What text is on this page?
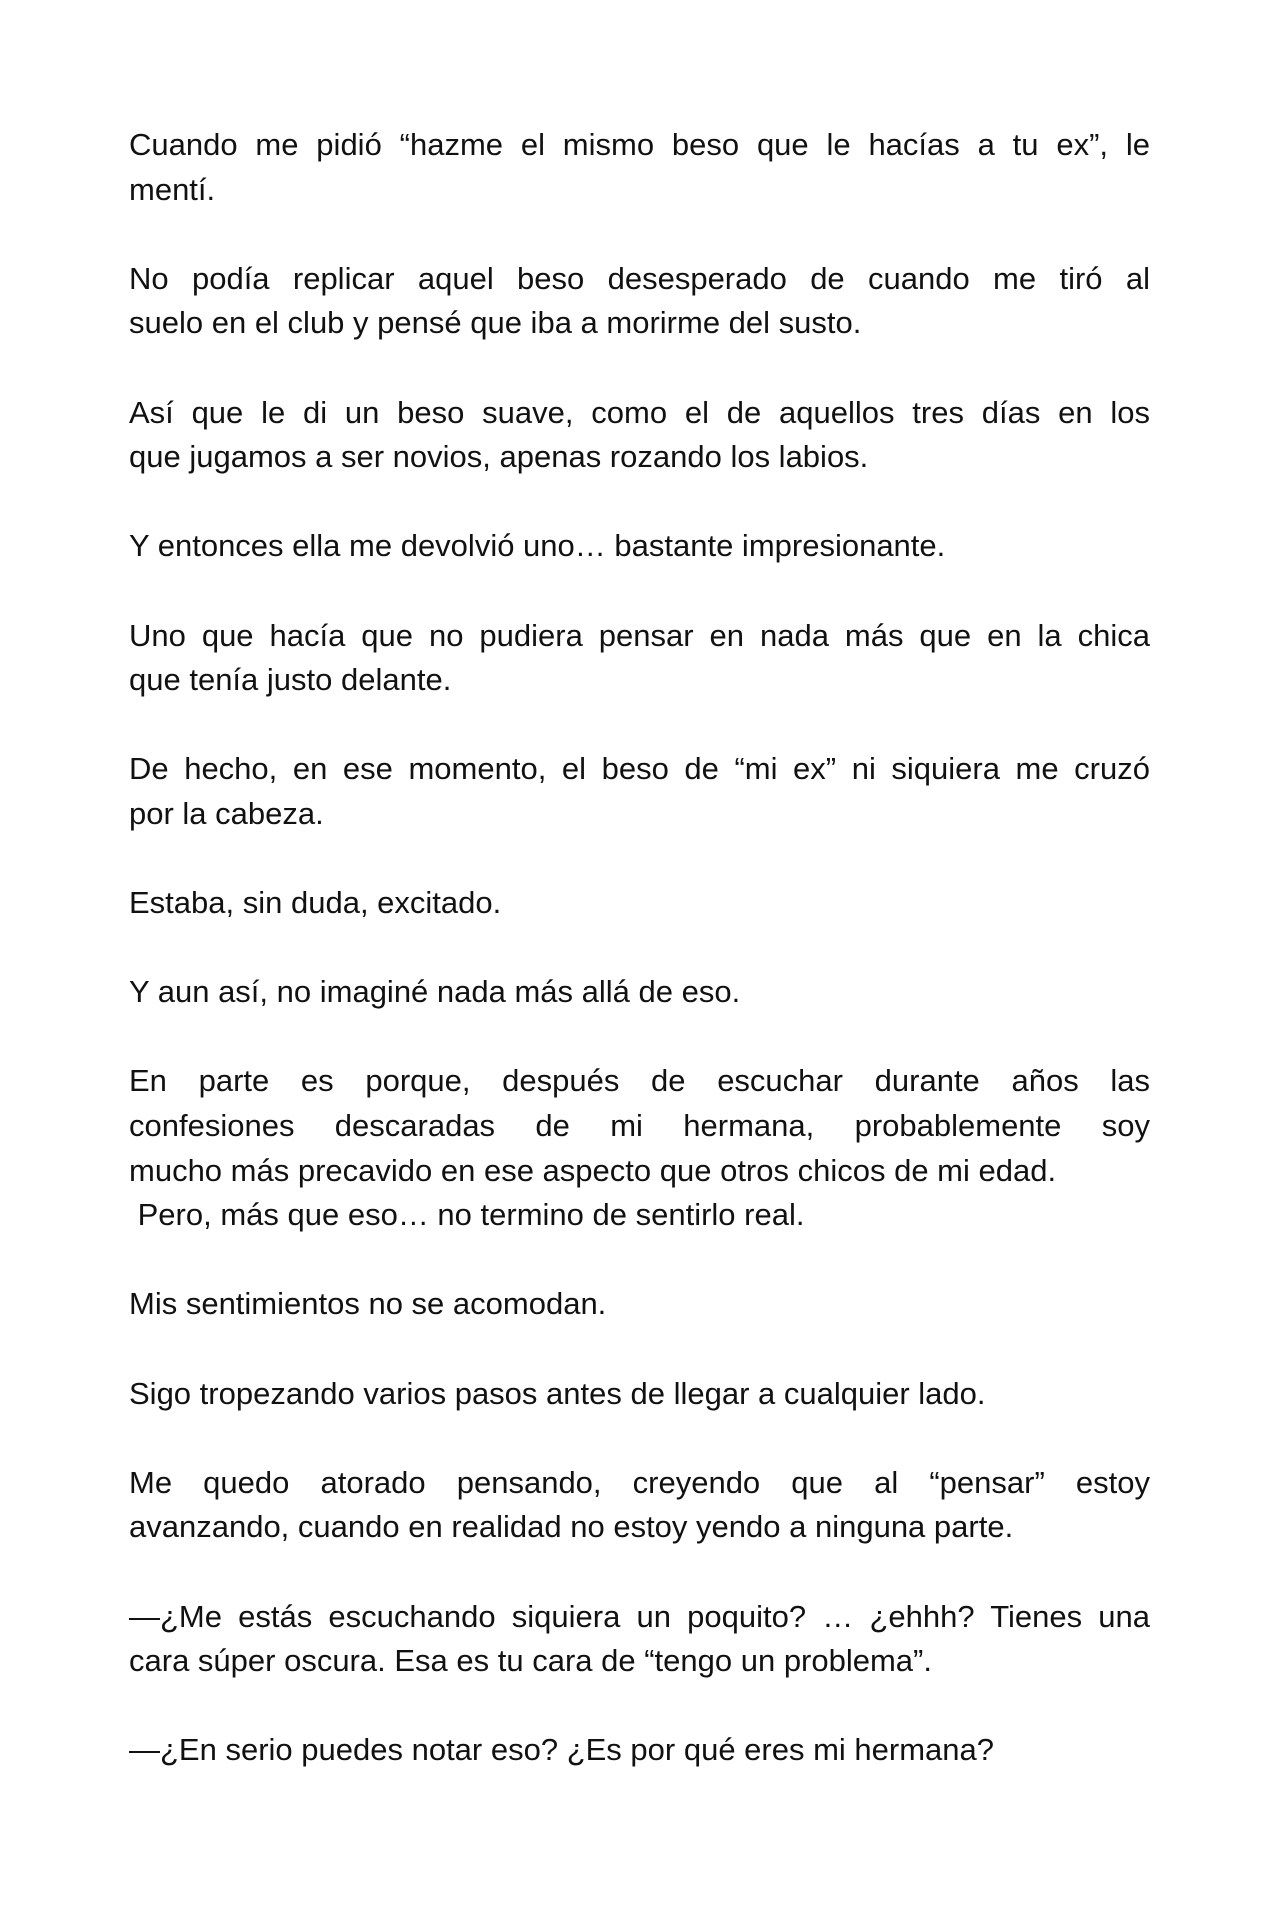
Cuando me pidió “hazme el mismo beso que le hacías a tu ex”, le
mentí.

No podía replicar aquel beso desesperado de cuando me tiró al
suelo en el club y pensé que iba a morirme del susto.

Así que le di un beso suave, como el de aquellos tres días en los
que jugamos a ser novios, apenas rozando los labios.

Y entonces ella me devolvió uno… bastante impresionante.

Uno que hacía que no pudiera pensar en nada más que en la chica
que tenía justo delante.

De hecho, en ese momento, el beso de “mi ex” ni siquiera me cruzó
por la cabeza.

Estaba, sin duda, excitado.

Y aun así, no imaginé nada más allá de eso.

En parte es porque, después de escuchar durante años las
confesiones descaradas de mi hermana, probablemente soy
mucho más precavido en ese aspecto que otros chicos de mi edad.
Pero, más que eso… no termino de sentirlo real.

Mis sentimientos no se acomodan.

Sigo tropezando varios pasos antes de llegar a cualquier lado.

Me quedo atorado pensando, creyendo que al “pensar” estoy
avanzando, cuando en realidad no estoy yendo a ninguna parte.

—¿Me estás escuchando siquiera un poquito? … ¿ehhh? Tienes una
cara súper oscura. Esa es tu cara de “tengo un problema”.

—¿En serio puedes notar eso? ¿Es por qué eres mi hermana?
